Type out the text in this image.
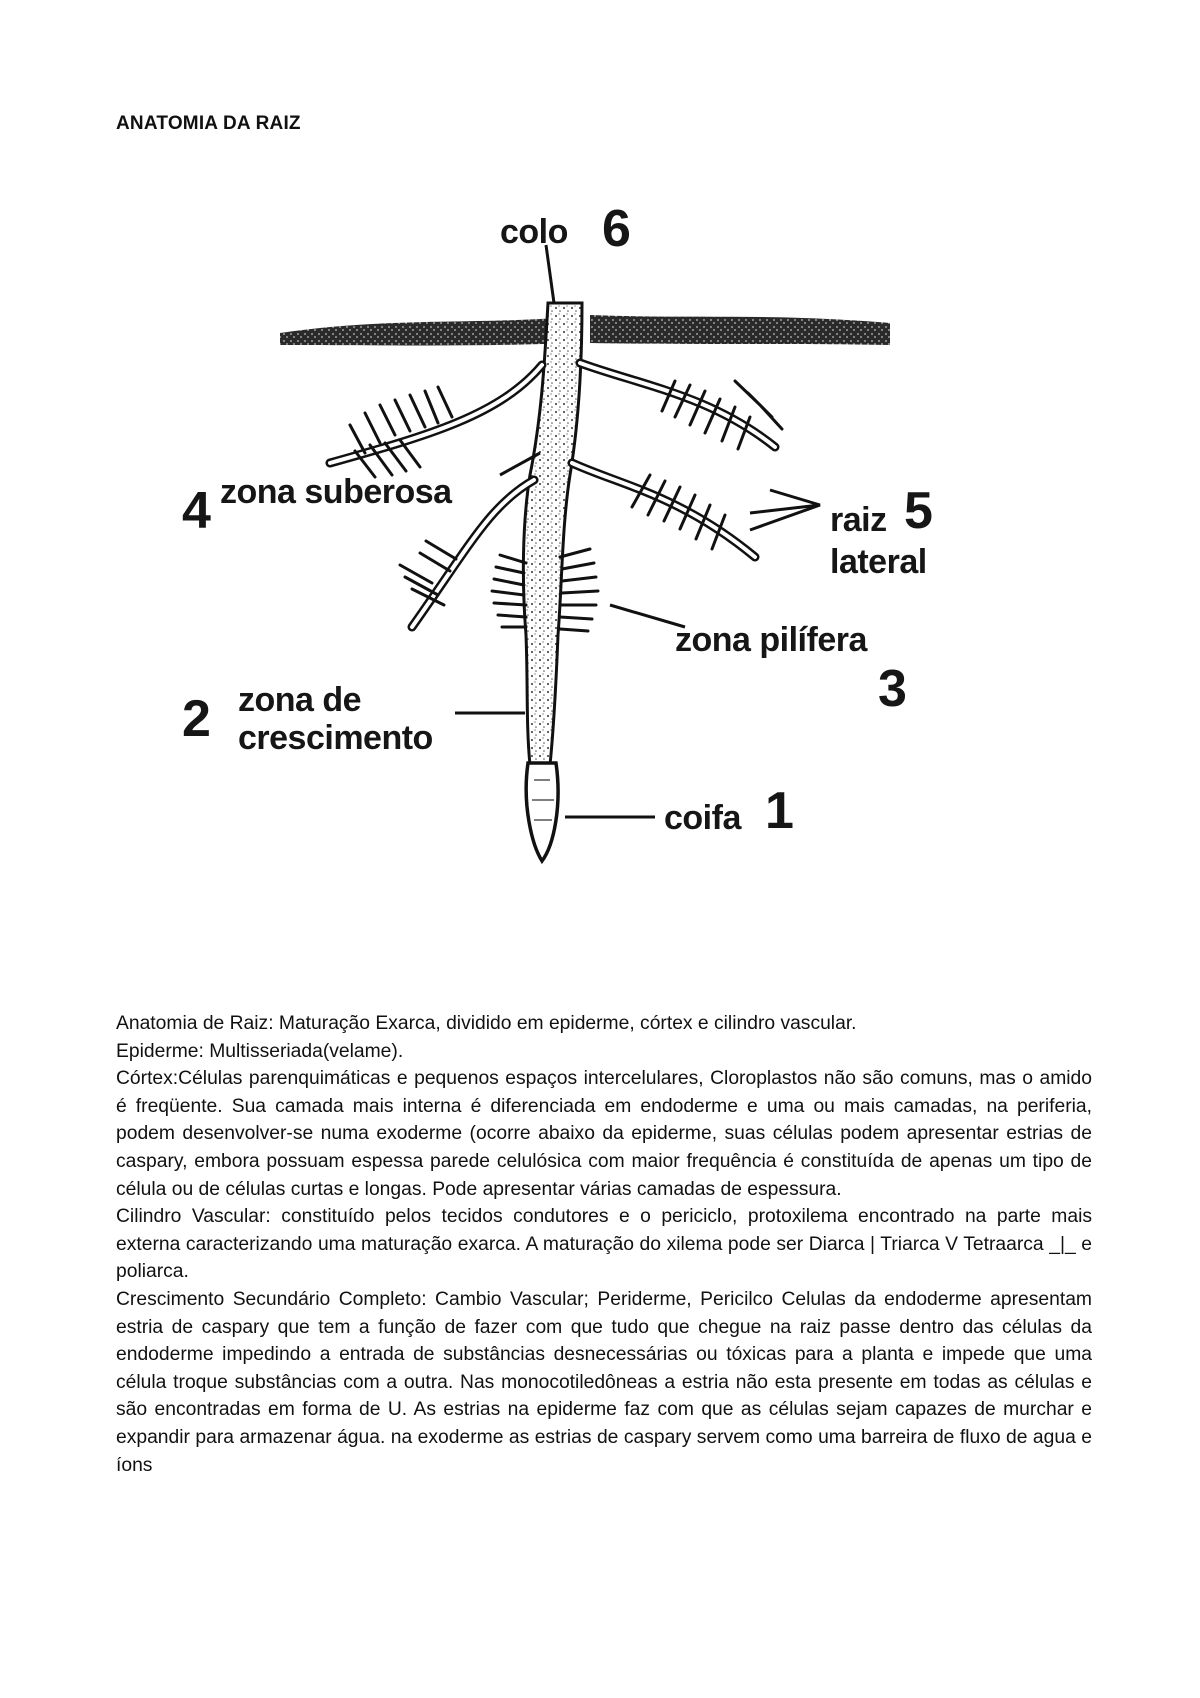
ANATOMIA DA RAIZ
colo 6
4 zona suberosa
raiz 5
lateral
zona pilífera
3
2 zona de
crescimento
coifa 1

Anatomia de Raiz: Maturação Exarca, dividido em epiderme, córtex e cilindro vascular.

Epiderme: Multisseriada(velame).

Córtex:Células parenquimáticas e pequenos espaços intercelulares, Cloroplastos não são comuns, mas o amido é freqüente. Sua camada mais interna é diferenciada em endoderme e uma ou mais camadas, na periferia, podem desenvolver-se numa exoderme (ocorre abaixo da epiderme, suas células podem apresentar estrias de caspary, embora possuam espessa parede celulósica com maior frequência é constituída de apenas um tipo de célula ou de células curtas e longas. Pode apresentar várias camadas de espessura.

Cilindro Vascular: constituído pelos tecidos condutores e o periciclo, protoxilema encontrado na parte mais externa caracterizando uma maturação exarca. A maturação do xilema pode ser Diarca | Triarca V Tetraarca _|_ e poliarca.

Crescimento Secundário Completo: Cambio Vascular; Periderme, Pericilco Celulas da endoderme apresentam estria de caspary que tem a função de fazer com que tudo que chegue na raiz passe dentro das células da endoderme impedindo a entrada de substâncias desnecessárias ou tóxicas para a planta e impede que uma célula troque substâncias com a outra. Nas monocotiledôneas a estria não esta presente em todas as células e são encontradas em forma de U. As estrias na epiderme faz com que as células sejam capazes de murchar e expandir para armazenar água. na exoderme as estrias de caspary servem como uma barreira de fluxo de agua e íons
